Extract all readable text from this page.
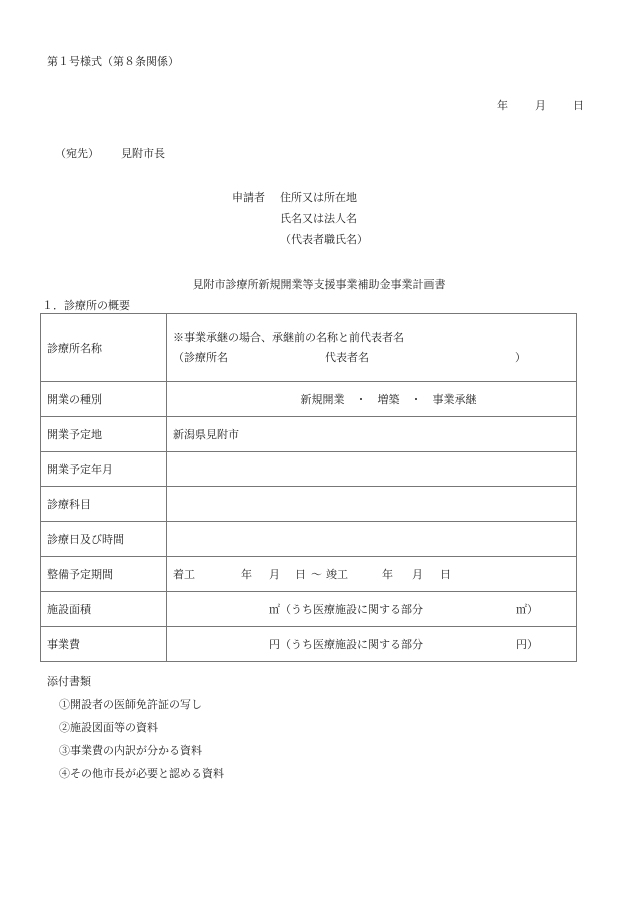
第１号様式（第８条関係）
年 月 日
（宛先） 見附市長
申請者	住所又は所在地
氏名又は法人名
（代表者職氏名）
見附市診療所新規開業等支援事業補助金事業計画書
１．診療所の概要
診療所名称	※事業承継の場合、承継前の名称と前代表者名
（診療所名 代表者名 ）

開業の種別	新規開業　・　増築　・　事業承継
開業予定地	新潟県見附市
開業予定年月	
診療科目	
診療日及び時間	
整備予定期間	着工 年 月 日 ～ 竣工 年 月 日
施設面積	㎡ （うち医療施設に関する部分 ㎡）

事業費	円 （うち医療施設に関する部分 円）
添付書類
①開設者の医師免許証の写し
②施設図面等の資料
③事業費の内訳が分かる資料
④その他市長が必要と認める資料
